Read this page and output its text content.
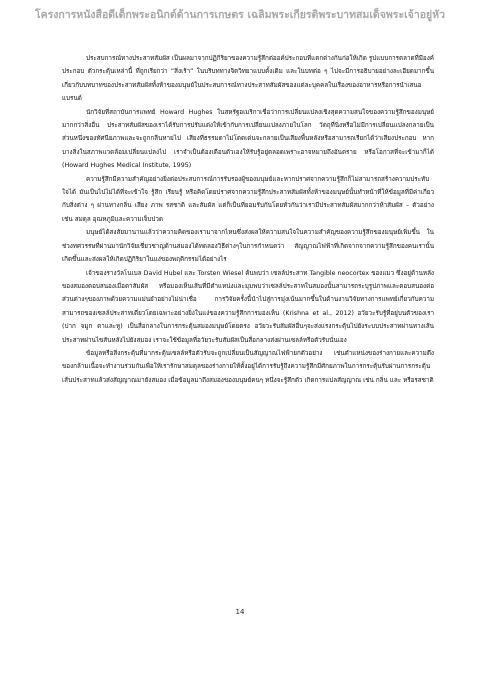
โครงการหนังสือดีเด็กพระอนิกต์ด้านการเกษตร เฉลิมพระเกียรติพระบาทสมเด็จพระเจ้าอยู่หัว

ประสบการณ์ทางประสาทสัมผัส เป็นผลมาจากปฏิกิริยาของความรู้สึกต่ออค์ประกอบที่แตกต่างกันก่อให้เกิด รูปแบบการตลาดที่มีองค์ประกอบ ตัวกระตุ้นเหล่านี้ ที่ถูกเรียกว่า “สิ่งเร้า” ในบริบททางจิตวิทยาแบบดั้งเดิม และในบทต่อ ๆ ไปจะมีการอธิบายอย่างละเอียดมากขึ้นเกี่ยวกับบทบาทของประสาทสัมผัสทั้งห้าของมนุษย์ในประสบการณ์ทางประสาทสัมผัสของแต่ละบุคคลในเรื่องของอาหารหรือการนำเสนอแบรนด์

นักวิจัยที่สถาบันการแพทย์ Howard Hughes ในสหรัฐอเมริกาเชื่อว่าการเปลี่ยนแปลงเชิงสุดความสนใจของความรู้สึกของมนุษย์มากกว่าสิ่งอื่น ประสาทสัมผัสของเราได้รับการปรับแต่งให้เข้ากับการเปลี่ยนแปลงภายในโลก วัตถุที่นิ่งหรือไม่มีการเปลี่ยนแปลงกลายเป็นส่วนหนึ่งของทัศนียภาพและจะถูกกลืนหายไป เสียงที่ธรรมดาไม่โดดเด่นจะกลายเป็นเสียงพื้นหลังหรือสามารถเรียกได้ว่าเสียงประกอบ หากบางสิ่งในสภาพแวดล้อมเปลี่ยนแปลงไป เราจำเป็นต้องเตือนตัวเองให้รับรู้อยู่ตลอดเพราะอาจหมายถึงอันตราย หรือโอกาสที่จะเข้ามาก็ได้ (Howard Hughes Medical Institute, 1995)

ความรู้สึกมีความสำคัญอย่างยิ่งต่อประสบการณ์การรับรองผู้ของมนุษย์และหากปราศจากความรู้สึกก็ไม่สามารถสร้างความประทับใจได้ มันเป็นไปไม่ได้ที่จะเข้าใจ รู้สึก เรียนรู้ หรือคิดโดยปราศจากความรู้สึกประสาทสัมผัสทั้งห้าของมนุษย์นั้นทำหน้าที่ให้ข้อมูลที่มีค่าเกี่ยวกับสิ่งต่าง ๆ ผ่านทางกลิ่น เสียง ภาพ รสชาติ และสัมผัส แต่ก็เป็นที่ยอมรับกันโดยทั่วกันว่าเรามีประสาทสัมผัสมากกว่าห้าสัมผัส – ตัวอย่าง เช่น สมดุล อุณหภูมิและความเจ็บปวด

มนุษย์ได้สงสัยมานานแล้วว่าความคิดของเรามาจากไหนซึ่งส่งผลให้ความสนใจในความสำคัญของความรู้สึกของมนุษย์เพิ่มขึ้น ในช่วงทศวรรษที่ผ่านมานักวิจัยเชี่ยวชาญด้านสมองได้ทดลองวิธีต่างๆในการกำหนดว่า สัญญาณไฟฟ้าที่เกิดจากจากความรู้สึกของคนเรานั้น เกิดขึ้นและส่งผลให้เกิดปฏิกิริยาในแง่ของพฤติกรรมได้อย่างไร

เจ้าของรางวัลโนเบล David Hubel และ Torsten Wiesel ค้นพบว่า เซลล์ประสาท Tangible neocortex ของแมว ซึ่งอยู่ด้านหลังของสมองตอบสนองเมื่อตาสัมผัส หรือมองเห็นเส้นที่มีตำแหน่งและมุมพบว่าเซลล์ประสาทในสมองนั้นสามารถระบุรูปภาพและตอบสนองต่อส่วนต่างๆของภาพด้วยความแม่นยำอย่างไม่น่าเชื่อ การวิจัยครั้งนี้นำไปสู่การมุ่งเน้นมากขึ้นในด้านงานวิจัยทางการแพทย์เกี่ยวกับความสามารถของเซลล์ประสาทเดี่ยวโดยเฉพาะอย่างยิ่งในแง่ของความรู้สึกการมองเห็น (Krishna et al., 2012) อวัยวะรับรู้ที่อยู่บนตัวของเรา (ปาก จมูก ตาและหู) เป็นสื่อกลางในการกระตุ้นสมองมนุษย์โดยตรง อวัยวะรับสัมผัสอื่นๆจะส่งแรงกระตุ้นไปยังระบบประสาทผ่านทางเส้นประสาทผ่านไขสันหลังไปยังสมอง เราจะใช้ข้อมูลที่อวัยวะรับสัมผัสเป็นสื่อกลางส่งผ่านเซลล์หรือตัวรับนั่นเอง

ข้อมูลหรือสิ่งกระตุ้นที่มากระตุ้นเซลล์หรือตัวรับจะถูกเปลี่ยนเป็นสัญญาณไฟฟ้ายกตัวอย่าง เช่นตำแหน่งของร่างกายและความตึงของกล้ามเนื้อจะทำงานร่วมกันเพื่อให้เรารักษาสมดุลของร่างกายให้ตั้งอยู่ได้การรับรู้ถึงความรู้สึกมีศักยภาพในการกระตุ้นรับผ่านการกระตุ้นเส้นประสาทแล้วส่งสัญญาณมายังสมอง เมื่อข้อมูลมาถึงสมองของมนุษย์คนๆ หนึ่งจะรู้สึกตัว เกิดการแปลสัญญาณ เช่น กลิ่น และ หรือรสชาติ

14
